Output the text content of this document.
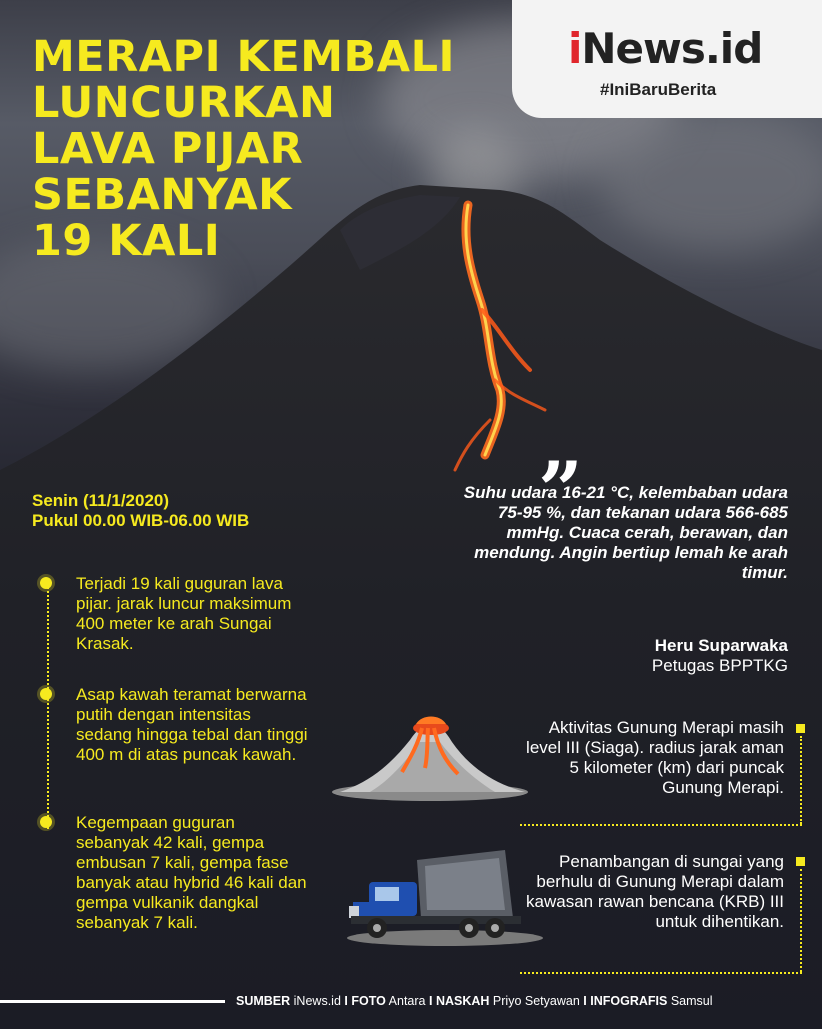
MERAPI KEMBALI
LUNCURKAN
LAVA PIJAR
SEBANYAK
19 KALI
iNews.id
#IniBaruBerita
Senin (11/1/2020)
Pukul 00.00 WIB-06.00 WIB
Terjadi 19 kali guguran lava pijar. jarak luncur maksimum 400 meter ke arah Sungai Krasak.
Asap kawah teramat berwarna putih dengan intensitas sedang hingga tebal dan tinggi 400 m di atas puncak kawah.
Kegempaan guguran sebanyak 42 kali, gempa embusan 7 kali, gempa fase banyak atau hybrid 46 kali dan gempa vulkanik dangkal sebanyak 7 kali.
”
Suhu udara 16-21 °C, kelembaban udara 75-95 %, dan tekanan udara 566-685 mmHg. Cuaca cerah, berawan, dan mendung. Angin bertiup lemah ke arah timur.
Heru Suparwaka
Petugas BPPTKG
Aktivitas Gunung Merapi masih level III (Siaga). radius jarak aman 5 kilometer (km) dari puncak Gunung Merapi.
Penambangan di sungai yang berhulu di Gunung Merapi dalam kawasan rawan bencana (KRB) III untuk dihentikan.
SUMBER iNews.id I FOTO Antara I NASKAH Priyo Setyawan I INFOGRAFIS Samsul
